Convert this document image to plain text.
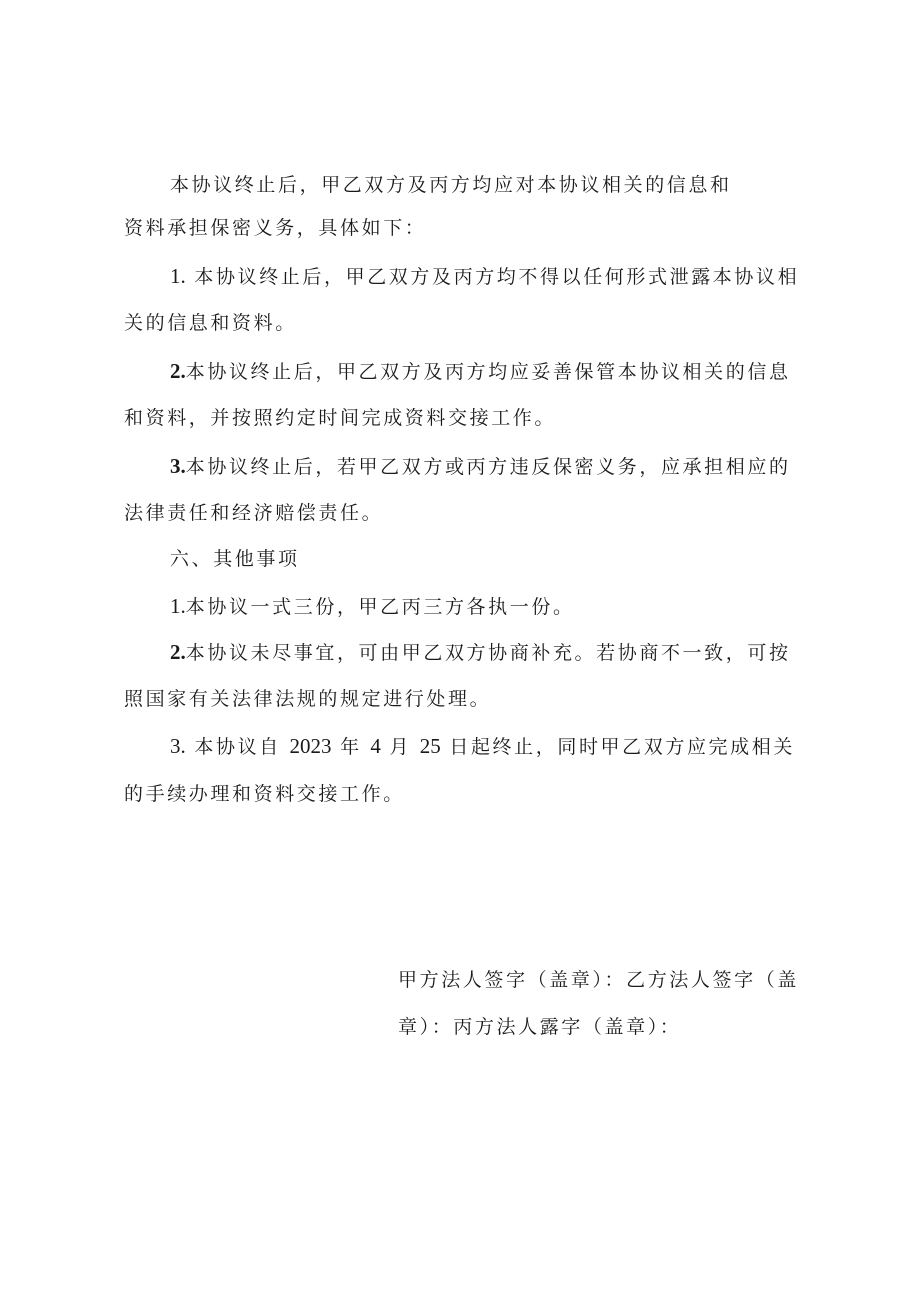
本协议终止后，甲乙双方及丙方均应对本协议相关的信息和

资料承担保密义务，具体如下：

1. 本协议终止后，甲乙双方及丙方均不得以任何形式泄露本协议相

关的信息和资料。

2.本协议终止后，甲乙双方及丙方均应妥善保管本协议相关的信息

和资料，并按照约定时间完成资料交接工作。

3.本协议终止后，若甲乙双方或丙方违反保密义务，应承担相应的

法律责任和经济赔偿责任。

六、其他事项

1.本协议一式三份，甲乙丙三方各执一份。

2.本协议未尽事宜，可由甲乙双方协商补充。若协商不一致，可按

照国家有关法律法规的规定进行处理。

3. 本协议自 2023 年 4 月 25 日起终止，同时甲乙双方应完成相关

的手续办理和资料交接工作。

甲方法人签字（盖章）：乙方法人签字（盖

章）：丙方法人露字（盖章）：
